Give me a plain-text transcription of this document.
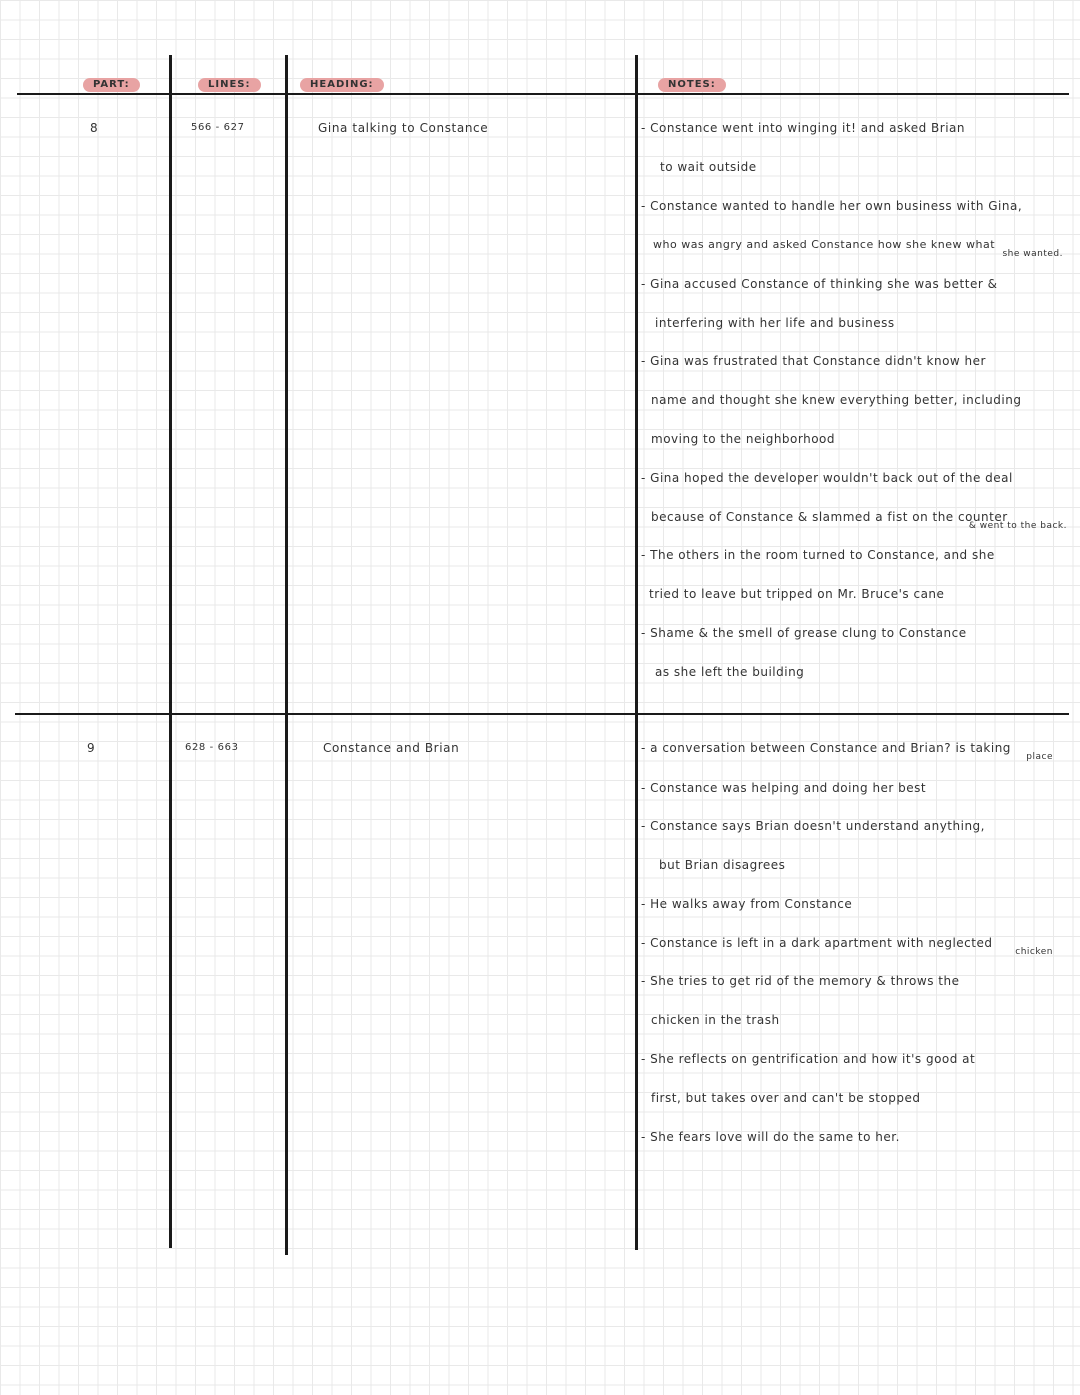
PART:	LINES:	HEADING:	NOTES:
8	566 - 627	Gina talking to Constance	- Constance went into winging it! and asked Brian
to wait outside
- Constance wanted to handle her own business with Gina,
who was angry and asked Constance how she knew what
she wanted.
- Gina accused Constance of thinking she was better &
interfering with her life and business
- Gina was frustrated that Constance didn't know her
name and thought she knew everything better, including
moving to the neighborhood
- Gina hoped the developer wouldn't back out of the deal
because of Constance & slammed a fist on the counter
& went to the back.
- The others in the room turned to Constance, and she
tried to leave but tripped on Mr. Bruce's cane
- Shame & the smell of grease clung to Constance
as she left the building
9	628 - 663	Constance and Brian	- a conversation between Constance and Brian? is taking
place
- Constance was helping and doing her best
- Constance says Brian doesn't understand anything,
but Brian disagrees
- He walks away from Constance
- Constance is left in a dark apartment with neglected
chicken
- She tries to get rid of the memory & throws the
chicken in the trash
- She reflects on gentrification and how it's good at
first, but takes over and can't be stopped
- She fears love will do the same to her.
